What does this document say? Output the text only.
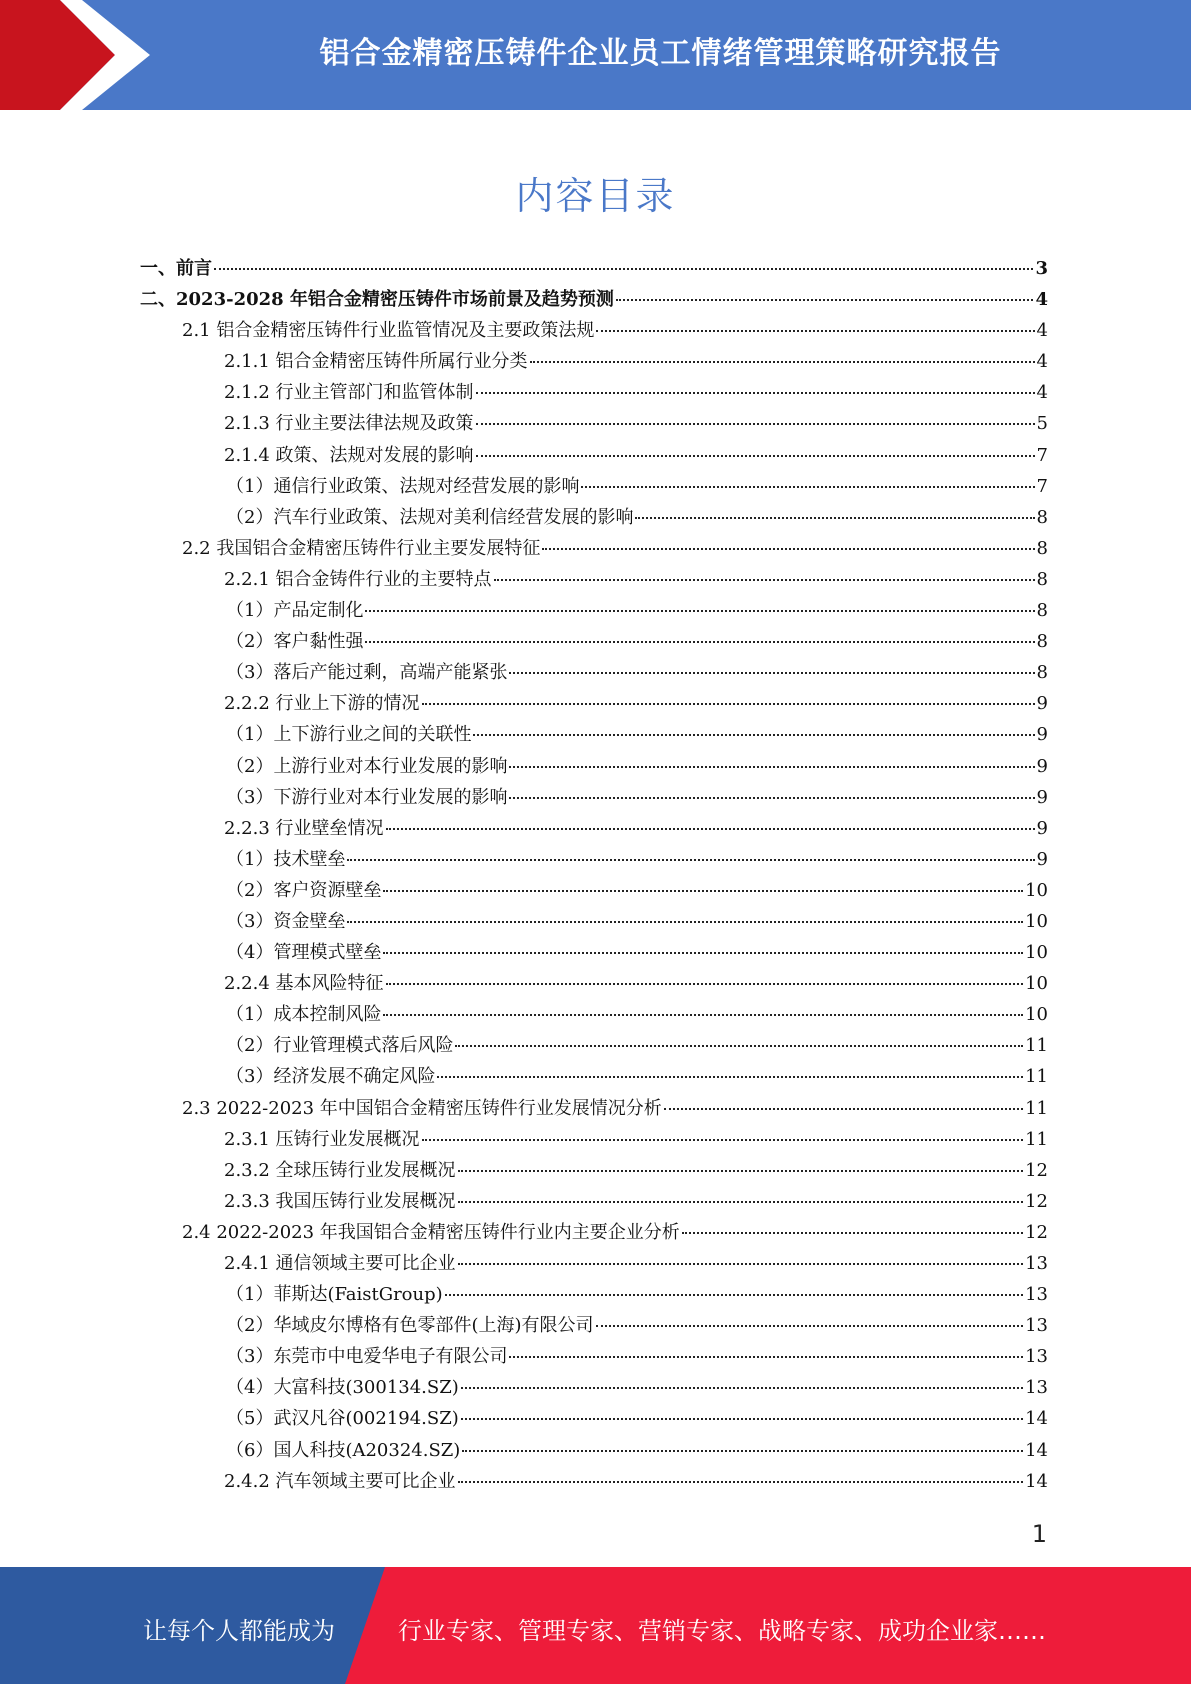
铝合金精密压铸件企业员工情绪管理策略研究报告
内容目录
一、前言	3
二、2023-2028 年铝合金精密压铸件市场前景及趋势预测	4
2.1 铝合金精密压铸件行业监管情况及主要政策法规	4
2.1.1 铝合金精密压铸件所属行业分类	4
2.1.2 行业主管部门和监管体制	4
2.1.3 行业主要法律法规及政策	5
2.1.4 政策、法规对发展的影响	7
（1）通信行业政策、法规对经营发展的影响	7
（2）汽车行业政策、法规对美利信经营发展的影响	8
2.2 我国铝合金精密压铸件行业主要发展特征	8
2.2.1 铝合金铸件行业的主要特点	8
（1）产品定制化	8
（2）客户黏性强	8
（3）落后产能过剩，高端产能紧张	8
2.2.2 行业上下游的情况	9
（1）上下游行业之间的关联性	9
（2）上游行业对本行业发展的影响	9
（3）下游行业对本行业发展的影响	9
2.2.3 行业壁垒情况	9
（1）技术壁垒	9
（2）客户资源壁垒	10
（3）资金壁垒	10
（4）管理模式壁垒	10
2.2.4 基本风险特征	10
（1）成本控制风险	10
（2）行业管理模式落后风险	11
（3）经济发展不确定风险	11
2.3 2022-2023 年中国铝合金精密压铸件行业发展情况分析	11
2.3.1 压铸行业发展概况	11
2.3.2 全球压铸行业发展概况	12
2.3.3 我国压铸行业发展概况	12
2.4 2022-2023 年我国铝合金精密压铸件行业内主要企业分析	12
2.4.1 通信领域主要可比企业	13
（1）菲斯达(FaistGroup)	13
（2）华域皮尔博格有色零部件(上海)有限公司	13
（3）东莞市中电爱华电子有限公司	13
（4）大富科技(300134.SZ)	13
（5）武汉凡谷(002194.SZ)	14
（6）国人科技(A20324.SZ)	14
2.4.2 汽车领域主要可比企业	14
1
让每个人都能成为	行业专家、管理专家、营销专家、战略专家、成功企业家……
